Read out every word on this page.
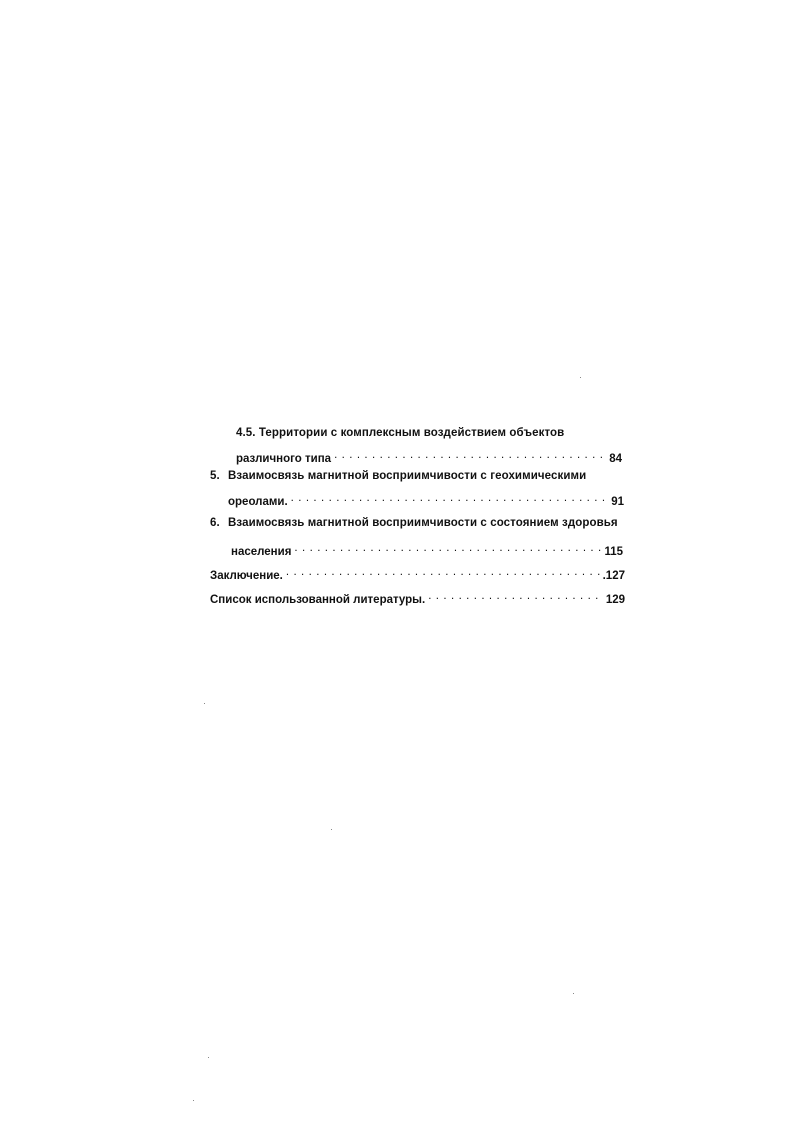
4.5. Территории с комплексным воздействием объектов
различного типа . . .	84
5. Взаимосвязь магнитной восприимчивости с геохимическими
ореолами. . . .	91
6. Взаимосвязь магнитной восприимчивости с состоянием здоровья
населения . . .	115
Заключение. . . .	.127
Список использованной литературы. . . .	129
